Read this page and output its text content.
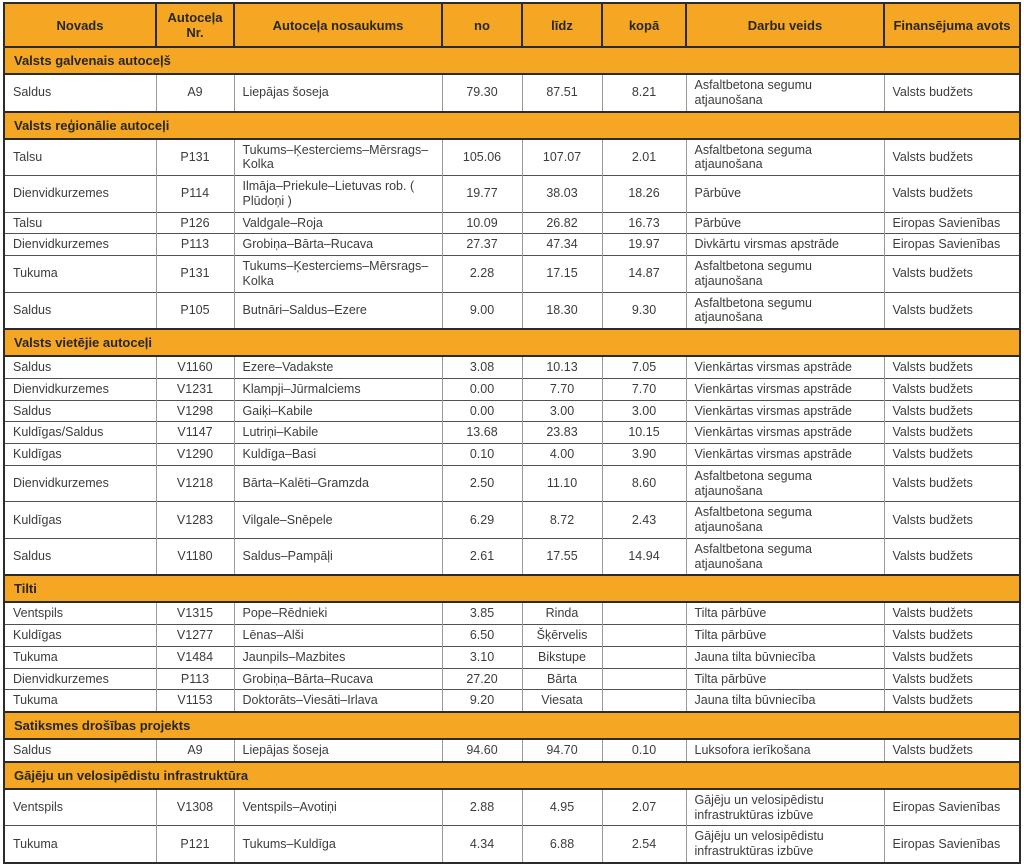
Novads	Autoceļa Nr.	Autoceļa nosaukums	no	līdz	kopā	Darbu veids	Finansējuma avots
Valsts galvenais autoceļš							
Saldus	A9	Liepājas šoseja	79.30	87.51	8.21	Asfaltbetona segumu atjaunošana	Valsts budžets
Valsts reģionālie autoceļi							
Talsu	P131	Tukums–Ķesterciems–Mērsrags–Kolka	105.06	107.07	2.01	Asfaltbetona seguma atjaunošana	Valsts budžets
Dienvidkurzemes	P114	Ilmāja–Priekule–Lietuvas rob. ( Plūdoņi )	19.77	38.03	18.26	Pārbūve	Valsts budžets
Talsu	P126	Valdgale–Roja	10.09	26.82	16.73	Pārbūve	Eiropas Savienības
Dienvidkurzemes	P113	Grobiņa–Bārta–Rucava	27.37	47.34	19.97	Divkārtu virsmas apstrāde	Eiropas Savienības
Tukuma	P131	Tukums–Ķesterciems–Mērsrags–Kolka	2.28	17.15	14.87	Asfaltbetona segumu atjaunošana	Valsts budžets
Saldus	P105	Butnāri–Saldus–Ezere	9.00	18.30	9.30	Asfaltbetona segumu atjaunošana	Valsts budžets
Valsts vietējie autoceļi							
Saldus	V1160	Ezere–Vadakste	3.08	10.13	7.05	Vienkārtas virsmas apstrāde	Valsts budžets
Dienvidkurzemes	V1231	Klampji–Jūrmalciems	0.00	7.70	7.70	Vienkārtas virsmas apstrāde	Valsts budžets
Saldus	V1298	Gaiķi–Kabile	0.00	3.00	3.00	Vienkārtas virsmas apstrāde	Valsts budžets
Kuldīgas/Saldus	V1147	Lutriņi–Kabile	13.68	23.83	10.15	Vienkārtas virsmas apstrāde	Valsts budžets
Kuldīgas	V1290	Kuldīga–Basi	0.10	4.00	3.90	Vienkārtas virsmas apstrāde	Valsts budžets
Dienvidkurzemes	V1218	Bārta–Kalēti–Gramzda	2.50	11.10	8.60	Asfaltbetona seguma atjaunošana	Valsts budžets
Kuldīgas	V1283	Vilgale–Snēpele	6.29	8.72	2.43	Asfaltbetona seguma atjaunošana	Valsts budžets
Saldus	V1180	Saldus–Pampāļi	2.61	17.55	14.94	Asfaltbetona seguma atjaunošana	Valsts budžets
Tilti							
Ventspils	V1315	Pope–Rēdnieki	3.85	Rinda		Tilta pārbūve	Valsts budžets
Kuldīgas	V1277	Lēnas–Alši	6.50	Šķērvelis		Tilta pārbūve	Valsts budžets
Tukuma	V1484	Jaunpils–Mazbites	3.10	Bikstupe		Jauna tilta būvniecība	Valsts budžets
Dienvidkurzemes	P113	Grobiņa–Bārta–Rucava	27.20	Bārta		Tilta pārbūve	Valsts budžets
Tukuma	V1153	Doktorāts–Viesāti–Irlava	9.20	Viesata		Jauna tilta būvniecība	Valsts budžets
Satiksmes drošības projekts							
Saldus	A9	Liepājas šoseja	94.60	94.70	0.10	Luksofora ierīkošana	Valsts budžets
Gājēju un velosipēdistu infrastruktūra							
Ventspils	V1308	Ventspils–Avotiņi	2.88	4.95	2.07	Gājēju un velosipēdistu infrastruktūras izbūve	Eiropas Savienības
Tukuma	P121	Tukums–Kuldīga	4.34	6.88	2.54	Gājēju un velosipēdistu infrastruktūras izbūve	Eiropas Savienības
